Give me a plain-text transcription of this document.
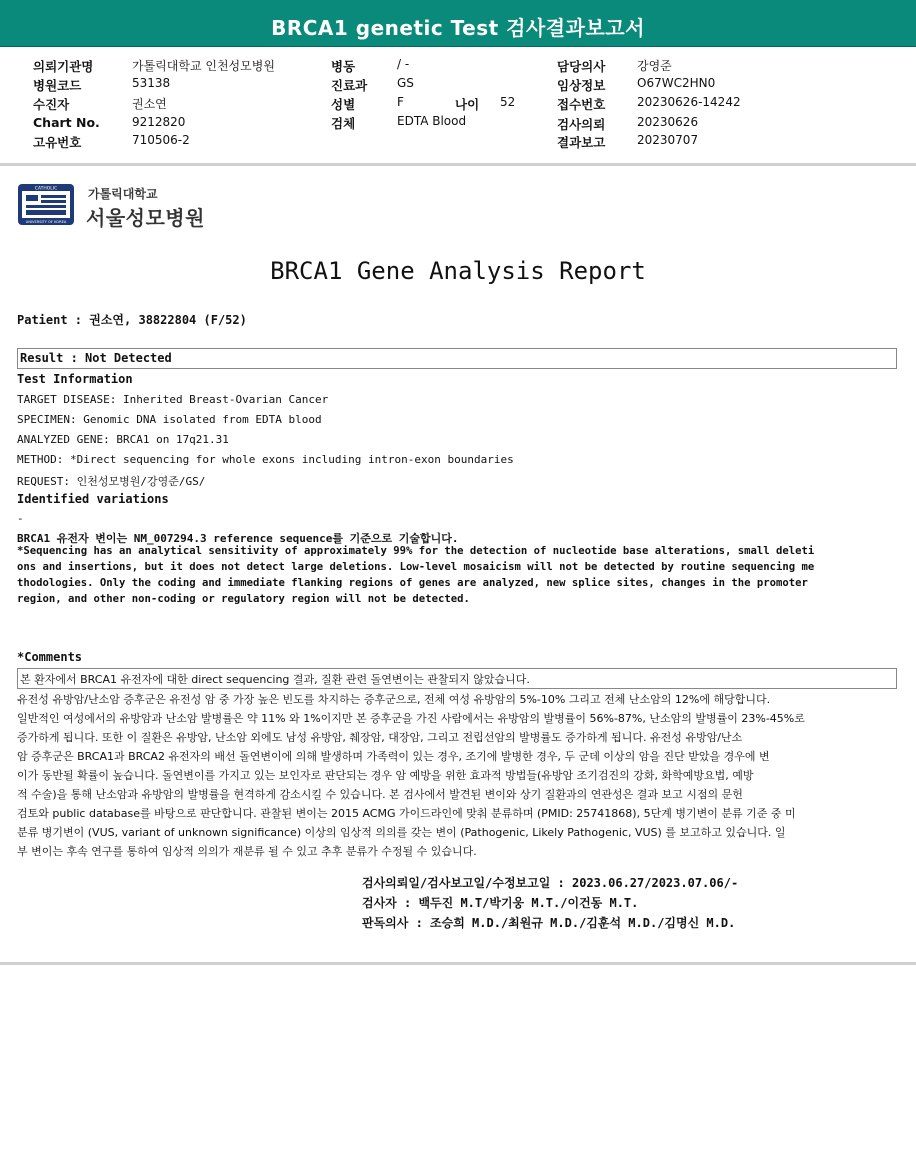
BRCA1 genetic Test 검사결과보고서
의뢰기관명	가톨릭대학교 인천성모병원
병원코드	53138
수진자	권소연
Chart No.	9212820
고유번호	710506-2
병동	/ -
진료과 GS
성별	F	나이 52
검체	EDTA Blood
담당의사	강영준
임상정보	O67WC2HN0
접수번호	20230626-14242
검사의뢰	20230626
결과보고	20230707
CATHOLIC
UNIVERSITY OF KOREA
가톨릭대학교
서울성모병원
BRCA1 Gene Analysis Report
Patient : 권소연, 38822804 (F/52)
Result : Not Detected
Test Information
TARGET DISEASE: Inherited Breast-Ovarian Cancer
SPECIMEN: Genomic DNA isolated from EDTA blood
ANALYZED GENE: BRCA1 on 17q21.31
METHOD: *Direct sequencing for whole exons including intron-exon boundaries
REQUEST: 인천성모병원/강영준/GS/
Identified variations
-
BRCA1 유전자 변이는 NM_007294.3 reference sequence를 기준으로 기술합니다.
*Sequencing has an analytical sensitivity of approximately 99% for the detection of nucleotide base alterations, small deleti
ons and insertions, but it does not detect large deletions. Low-level mosaicism will not be detected by routine sequencing me
thodologies. Only the coding and immediate flanking regions of genes are analyzed, new splice sites, changes in the promoter
region, and other non-coding or regulatory region will not be detected.
*Comments
본 환자에서 BRCA1 유전자에 대한 direct sequencing 결과, 질환 관련 돌연변이는 관찰되지 않았습니다.
유전성 유방암/난소암 증후군은 유전성 암 중 가장 높은 빈도를 차지하는 증후군으로, 전체 여성 유방암의 5%-10% 그리고 전체 난소암의 12%에 해당합니다.
일반적인 여성에서의 유방암과 난소암 발병률은 약 11% 와 1%이지만 본 증후군을 가진 사람에서는 유방암의 발병률이 56%-87%, 난소암의 발병률이 23%-45%로
증가하게 됩니다. 또한 이 질환은 유방암, 난소암 외에도 남성 유방암, 췌장암, 대장암, 그리고 전립선암의 발병률도 증가하게 됩니다. 유전성 유방암/난소
암 증후군은 BRCA1과 BRCA2 유전자의 배선 돌연변이에 의해 발생하며 가족력이 있는 경우, 조기에 발병한 경우, 두 군데 이상의 암을 진단 받았을 경우에 변
이가 동반될 확률이 높습니다. 돌연변이를 가지고 있는 보인자로 판단되는 경우 암 예방을 위한 효과적 방법들(유방암 조기검진의 강화, 화학예방요법, 예방
적 수술)을 통해 난소암과 유방암의 발병률을 현격하게 감소시킬 수 있습니다. 본 검사에서 발견된 변이와 상기 질환과의 연관성은 결과 보고 시점의 문헌
검토와 public database를 바탕으로 판단합니다. 관찰된 변이는 2015 ACMG 가이드라인에 맞춰 분류하며 (PMID: 25741868), 5단계 병기변이 분류 기준 중 미
분류 병기변이 (VUS, variant of unknown significance) 이상의 임상적 의의를 갖는 변이 (Pathogenic, Likely Pathogenic, VUS) 를 보고하고 있습니다. 일
부 변이는 후속 연구를 통하여 임상적 의의가 재분류 될 수 있고 추후 분류가 수정될 수 있습니다.
검사의뢰일/검사보고일/수정보고일 : 2023.06.27/2023.07.06/-
검사자 : 백두진 M.T/박기웅 M.T./이건동 M.T.
판독의사 : 조승희 M.D./최원규 M.D./김훈석 M.D./김명신 M.D.
